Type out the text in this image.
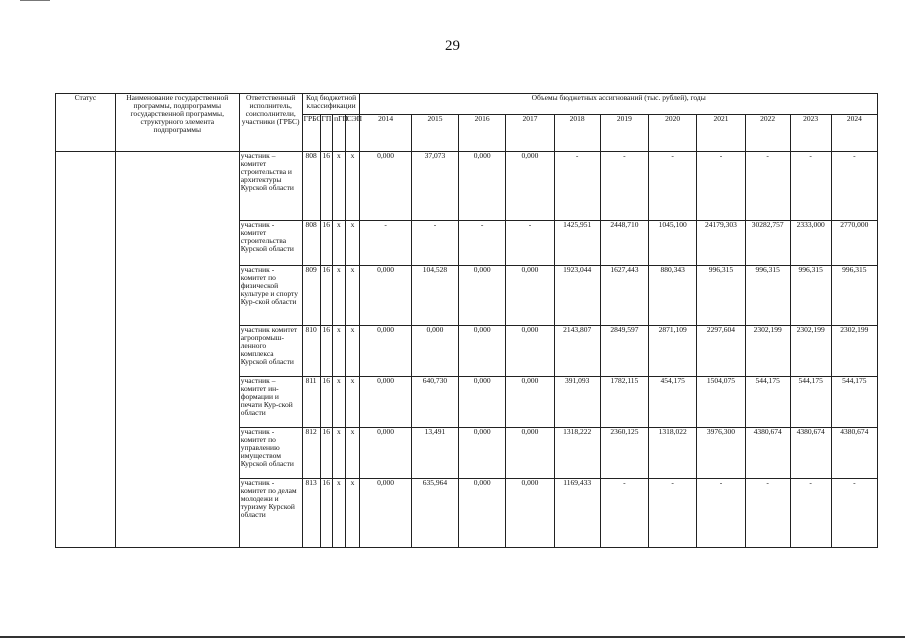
29
Статус	Наименование государственной программы, подпрограммы государственной программы, структурного элемента подпрограммы	Ответственный исполнитель, соисполнители, участники (ГРБС)	Код бюджетной классификации				Объемы бюджетных ассигнований (тыс. рублей), годы										
			ГРБС	ГП	пГП	СЭП	2014	2015	2016	2017	2018	2019	2020	2021	2022	2023	2024
		участник – комитет строительства и архитектуры Курской области	808	16	х	х	0,000	37,073	0,000	0,000	-	-	-	-	-	-	-
		участник - комитет строительства Курской области	808	16	х	х	-	-	-	-	1425,951	2448,710	1045,100	24179,303	30282,757	2333,000	2770,000
		участник - комитет по физической культуре и спорту Кур-ской области	809	16	х	х	0,000	104,528	0,000	0,000	1923,044	1627,443	880,343	996,315	996,315	996,315	996,315
		участник комитет агропромыш-ленного комплекса Курской области	810	16	х	х	0,000	0,000	0,000	0,000	2143,807	2849,597	2871,109	2297,604	2302,199	2302,199	2302,199
		участник – комитет ин-формации и печати Кур-ской области	811	16	х	х	0,000	640,730	0,000	0,000	391,093	1782,115	454,175	1504,075	544,175	544,175	544,175
		участник - комитет по управлению имуществом Курской области	812	16	х	х	0,000	13,491	0,000	0,000	1318,222	2360,125	1318,022	3976,300	4380,674	4380,674	4380,674
		участник - комитет по делам молодежи и туризму Курской области	813	16	х	х	0,000	635,964	0,000	0,000	1169,433	-	-	-	-	-	-
